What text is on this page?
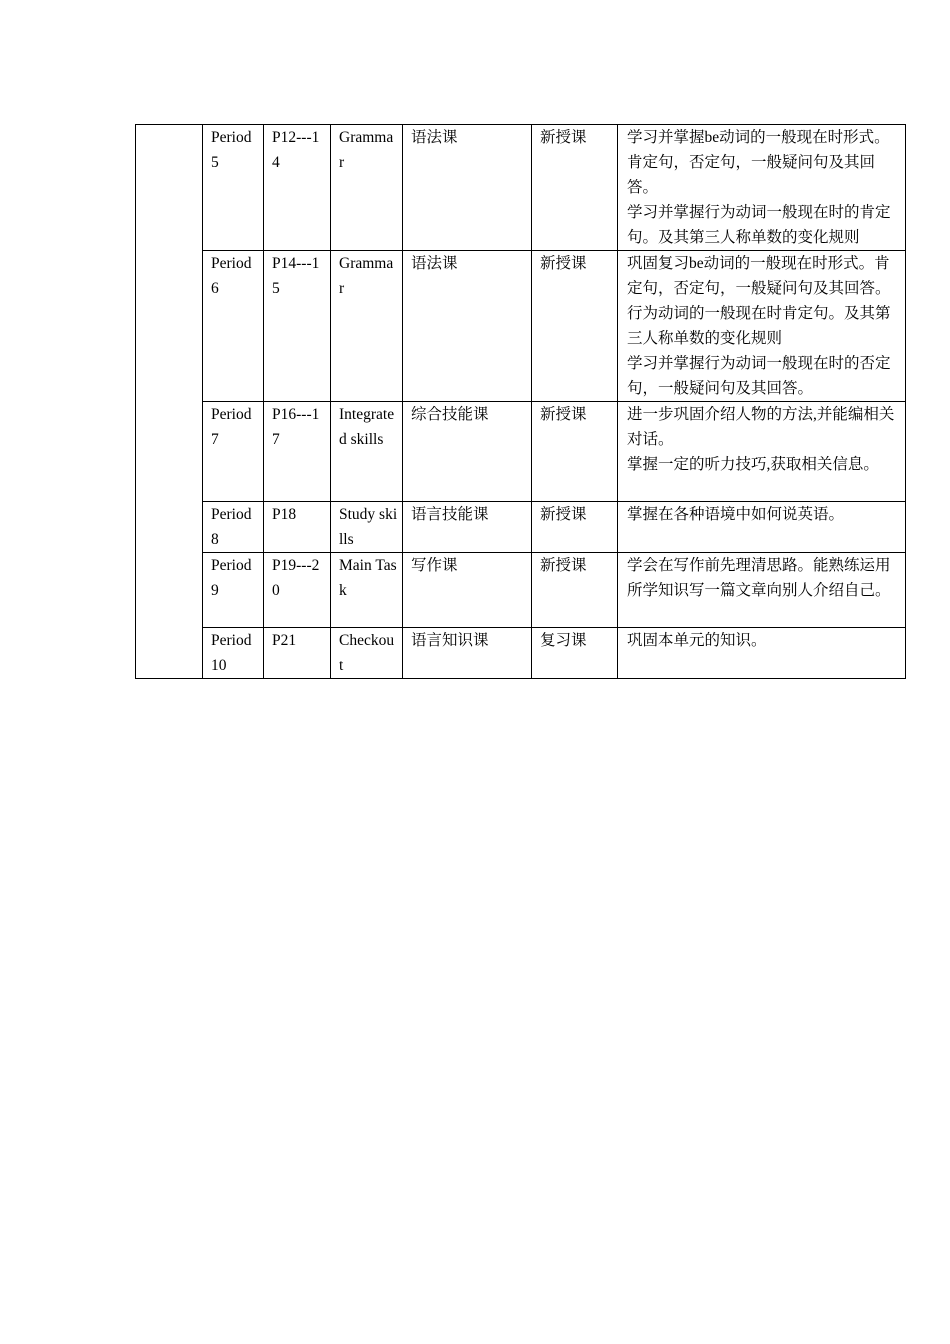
	Period 5	P12---14	Grammar	语法课	新授课	学习并掌握be动词的一般现在时形式。肯定句，否定句，一般疑问句及其回答。
学习并掌握行为动词一般现在时的肯定句。及其第三人称单数的变化规则

	Period 6	P14---15	Grammar	语法课	新授课	巩固复习be动词的一般现在时形式。肯定句，否定句，一般疑问句及其回答。行为动词的一般现在时肯定句。及其第三人称单数的变化规则
学习并掌握行为动词一般现在时的否定句，一般疑问句及其回答。

	Period 7	P16---17	Integrated skills	综合技能课	新授课	进一步巩固介绍人物的方法,并能编相关对话。
掌握一定的听力技巧,获取相关信息。

	Period 8	P18	Study skills	语言技能课	新授课	掌握在各种语境中如何说英语。

	Period 9	P19---20	Main Task	写作课	新授课	学会在写作前先理清思路。能熟练运用所学知识写一篇文章向别人介绍自己。

	Period 10	P21	Checkout	语言知识课	复习课	巩固本单元的知识。
